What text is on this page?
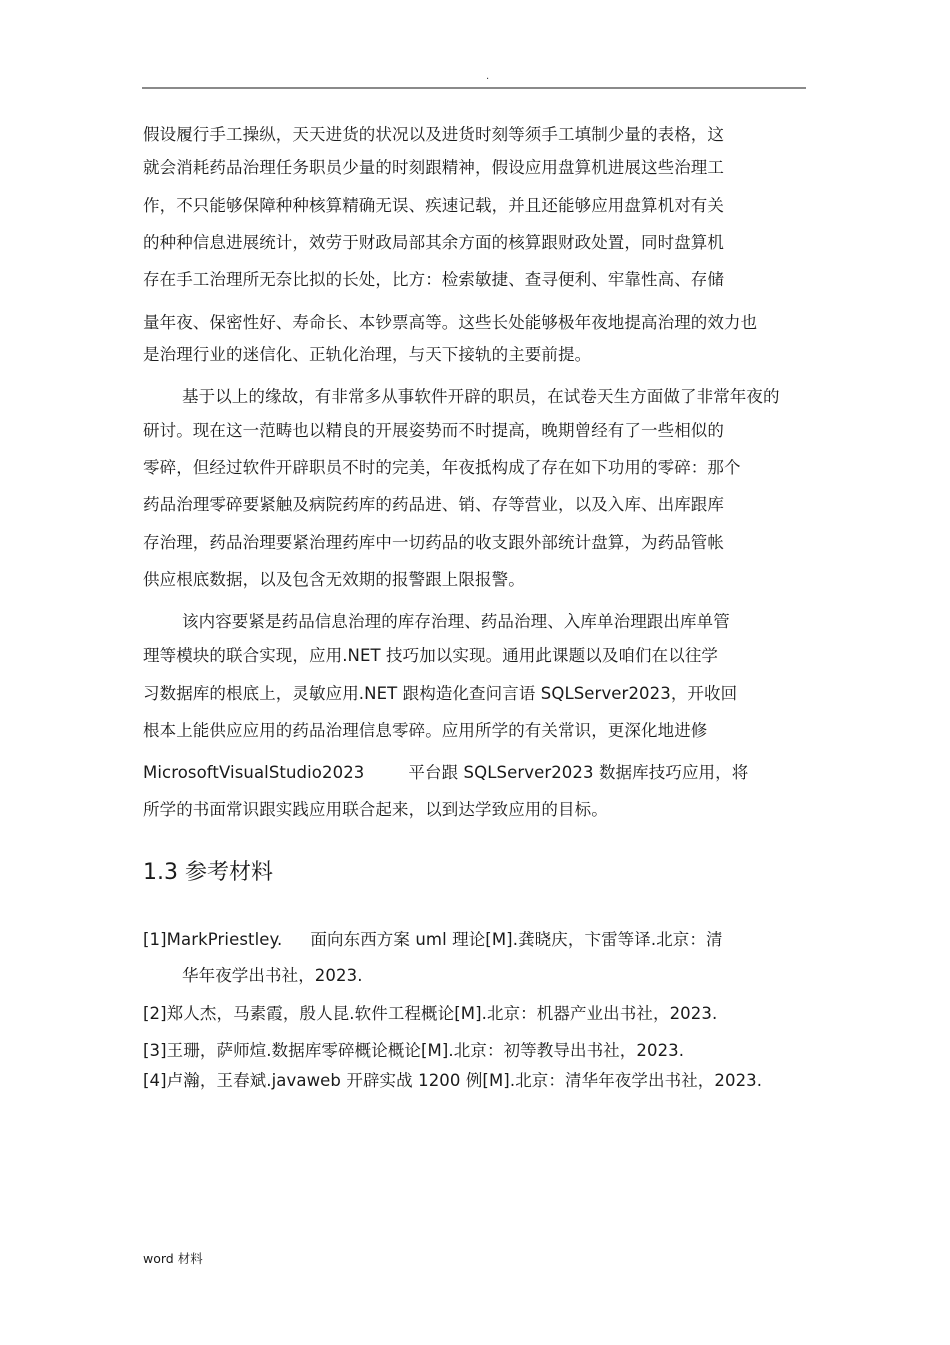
.
假设履行手工操纵，天天进货的状况以及进货时刻等须手工填制少量的表格，这
就会消耗药品治理任务职员少量的时刻跟精神，假设应用盘算机进展这些治理工
作，不只能够保障种种核算精确无误、疾速记载，并且还能够应用盘算机对有关
的种种信息进展统计，效劳于财政局部其余方面的核算跟财政处置，同时盘算机
存在手工治理所无奈比拟的长处，比方：检索敏捷、查寻便利、牢靠性高、存储
量年夜、保密性好、寿命长、本钞票高等。这些长处能够极年夜地提高治理的效力也
是治理行业的迷信化、正轨化治理，与天下接轨的主要前提。
基于以上的缘故，有非常多从事软件开辟的职员，在试卷天生方面做了非常年夜的
研讨。现在这一范畴也以精良的开展姿势而不时提高，晚期曾经有了一些相似的
零碎，但经过软件开辟职员不时的完美，年夜抵构成了存在如下功用的零碎：那个
药品治理零碎要紧触及病院药库的药品进、销、存等营业，以及入库、出库跟库
存治理，药品治理要紧治理药库中一切药品的收支跟外部统计盘算，为药品管帐
供应根底数据，以及包含无效期的报警跟上限报警。
该内容要紧是药品信息治理的库存治理、药品治理、入库单治理跟出库单管
理等模块的联合实现，应用.NET 技巧加以实现。通用此课题以及咱们在以往学
习数据库的根底上，灵敏应用.NET 跟构造化查问言语 SQLServer2023，开收回
根本上能供应应用的药品治理信息零碎。应用所学的有关常识，更深化地进修
MicrosoftVisualStudio2023	平台跟 SQLServer2023 数据库技巧应用，将
所学的书面常识跟实践应用联合起来，以到达学致应用的目标。
1.3 参考材料
[1]MarkPriestley. 面向东西方案 uml 理论[M].龚晓庆，卞雷等译.北京：清
华年夜学出书社，2023.
[2]郑人杰，马素霞，殷人昆.软件工程概论[M].北京：机器产业出书社，2023.
[3]王珊，萨师煊.数据库零碎概论概论[M].北京：初等教导出书社，2023.
[4]卢瀚，王春斌.javaweb 开辟实战 1200 例[M].北京：清华年夜学出书社，2023.
word 材料
